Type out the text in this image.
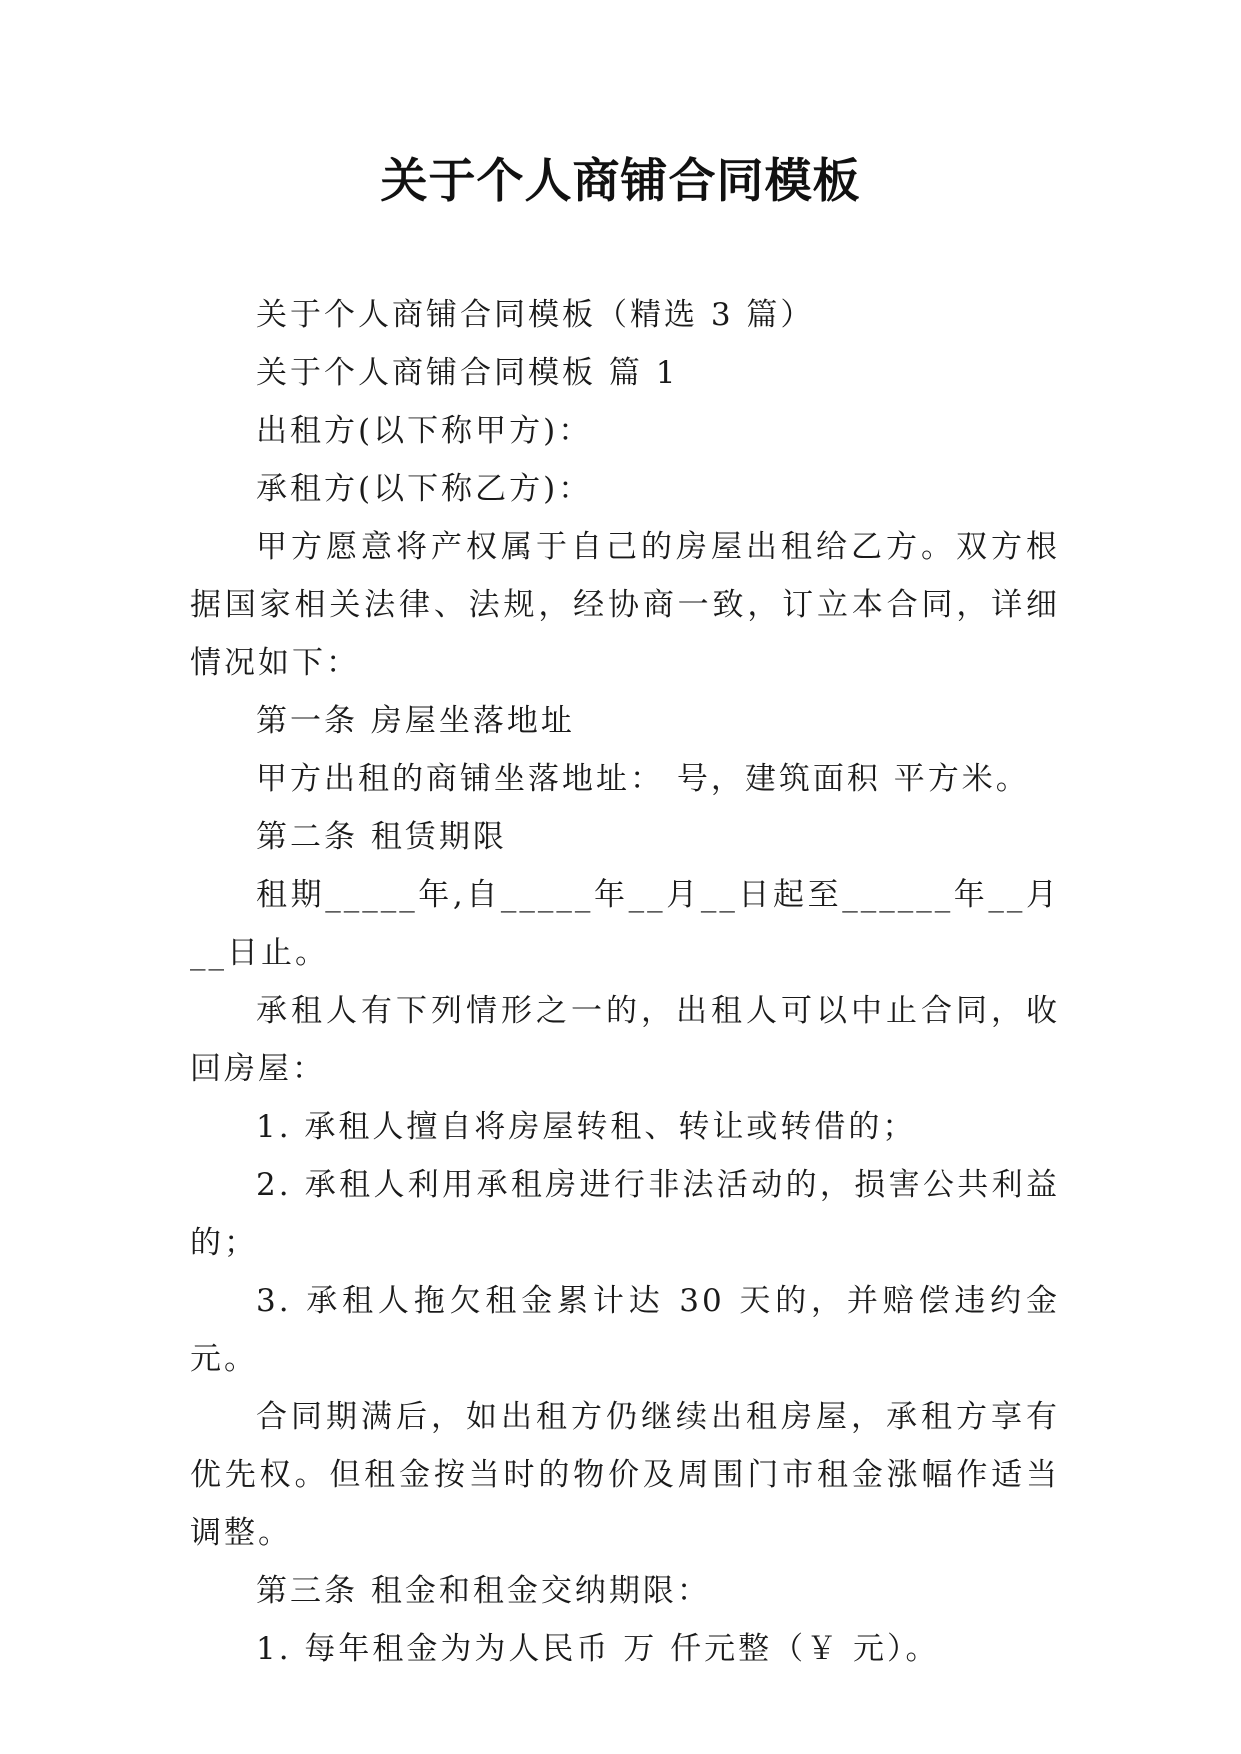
关于个人商铺合同模板

关于个人商铺合同模板（精选 3 篇）

关于个人商铺合同模板 篇 1

出租方(以下称甲方)：

承租方(以下称乙方)：

甲方愿意将产权属于自己的房屋出租给乙方。双方根据国家相关法律、法规，经协商一致，订立本合同，详细情况如下：

第一条 房屋坐落地址

甲方出租的商铺坐落地址： 号，建筑面积 平方米。

第二条 租赁期限

租期_____年,自_____年__月__日起至______年__月__日止。

承租人有下列情形之一的，出租人可以中止合同，收回房屋：

1. 承租人擅自将房屋转租、转让或转借的；

2. 承租人利用承租房进行非法活动的，损害公共利益的；

3. 承租人拖欠租金累计达 30 天的，并赔偿违约金 元。

合同期满后，如出租方仍继续出租房屋，承租方享有优先权。但租金按当时的物价及周围门市租金涨幅作适当调整。

第三条 租金和租金交纳期限：

1. 每年租金为为人民币 万 仟元整（￥ 元）。
